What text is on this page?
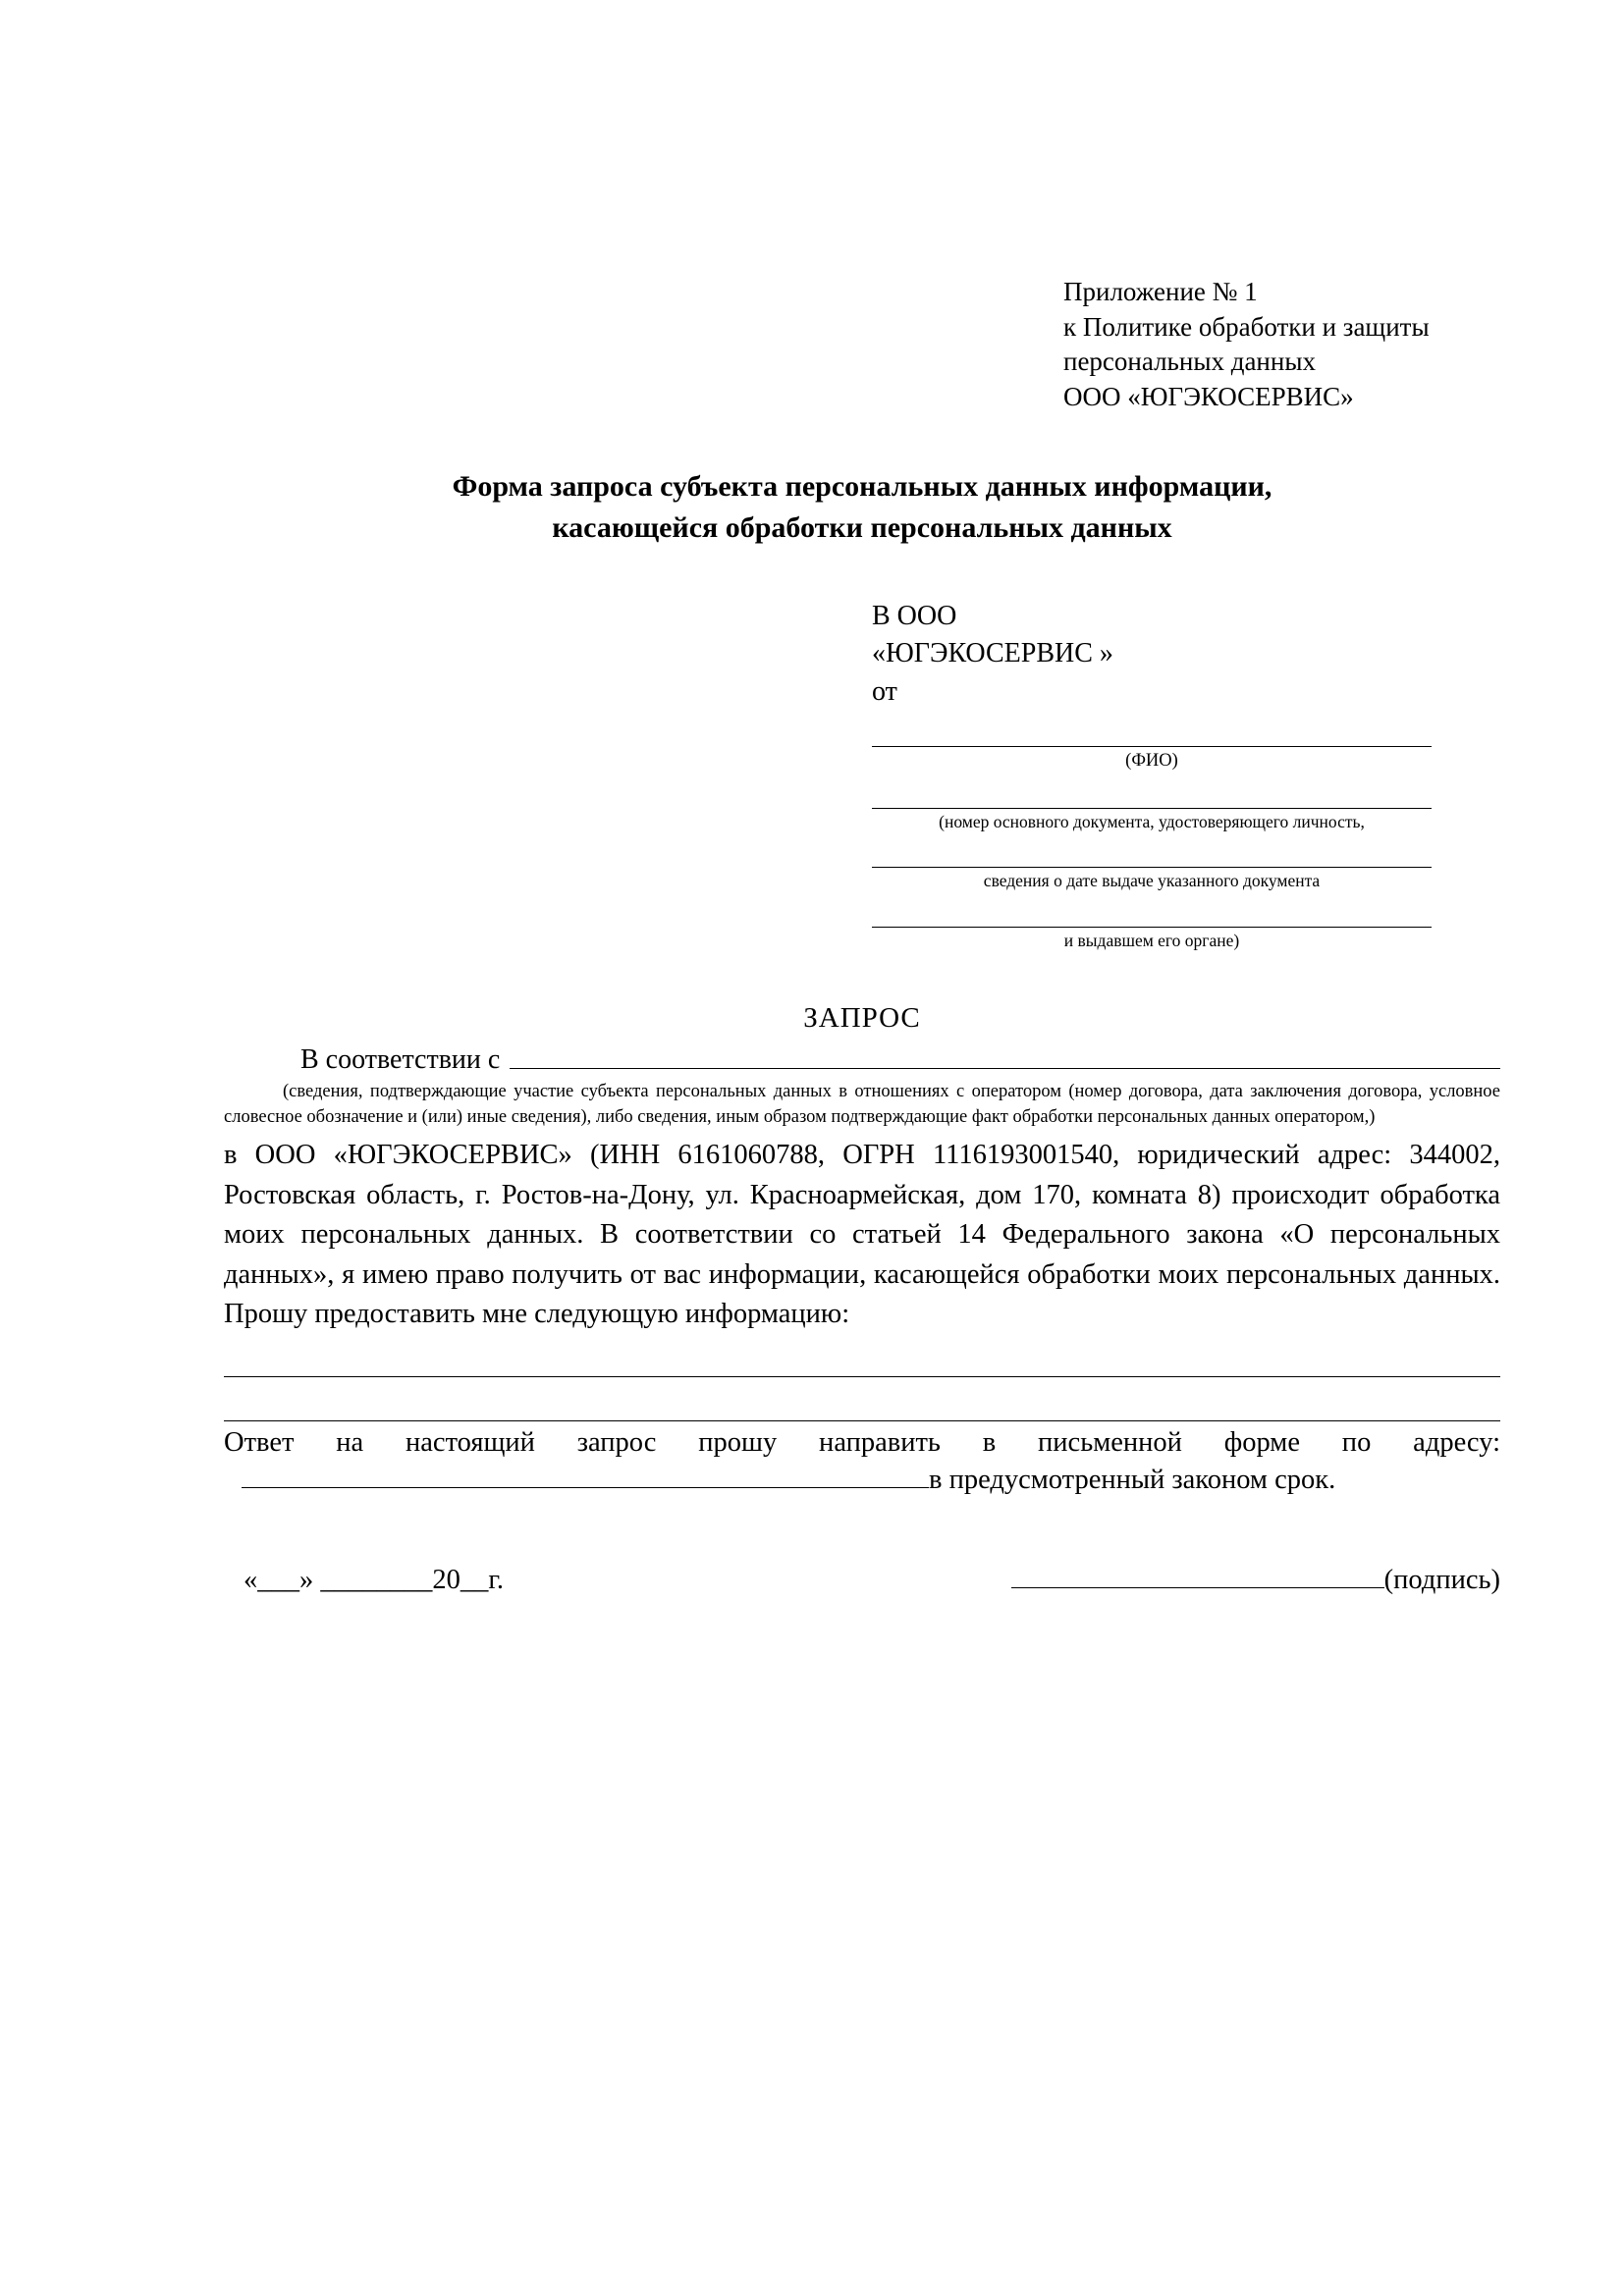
Приложение № 1
к Политике обработки и защиты
персональных данных
ООО «ЮГЭКОСЕРВИС»
Форма запроса субъекта персональных данных информации,
касающейся обработки персональных данных
В ООО
«ЮГЭКОСЕРВИС »
от
(ФИО)
(номер основного документа, удостоверяющего личность,
сведения о дате выдаче указанного документа
и выдавшем его органе)
ЗАПРОС
В соответствии с
(сведения, подтверждающие участие субъекта персональных данных в отношениях с оператором (номер договора, дата заключения договора, условное словесное обозначение и (или) иные сведения), либо сведения, иным образом подтверждающие факт обработки персональных данных оператором,)

в ООО «ЮГЭКОСЕРВИС» (ИНН 6161060788, ОГРН 1116193001540, юридический адрес: 344002, Ростовская область, г. Ростов-на-Дону, ул. Красноармейская, дом 170, комната 8) происходит обработка моих персональных данных. В соответствии со статьей 14 Федерального закона «О персональных данных», я имею право получить от вас информации, касающейся обработки моих персональных данных. Прошу предоставить мне следующую информацию:

Ответ на настоящий запрос прошу направить в письменной форме по адресу:
в предусмотренный законом срок.
«___» ________20__г.	(подпись)
